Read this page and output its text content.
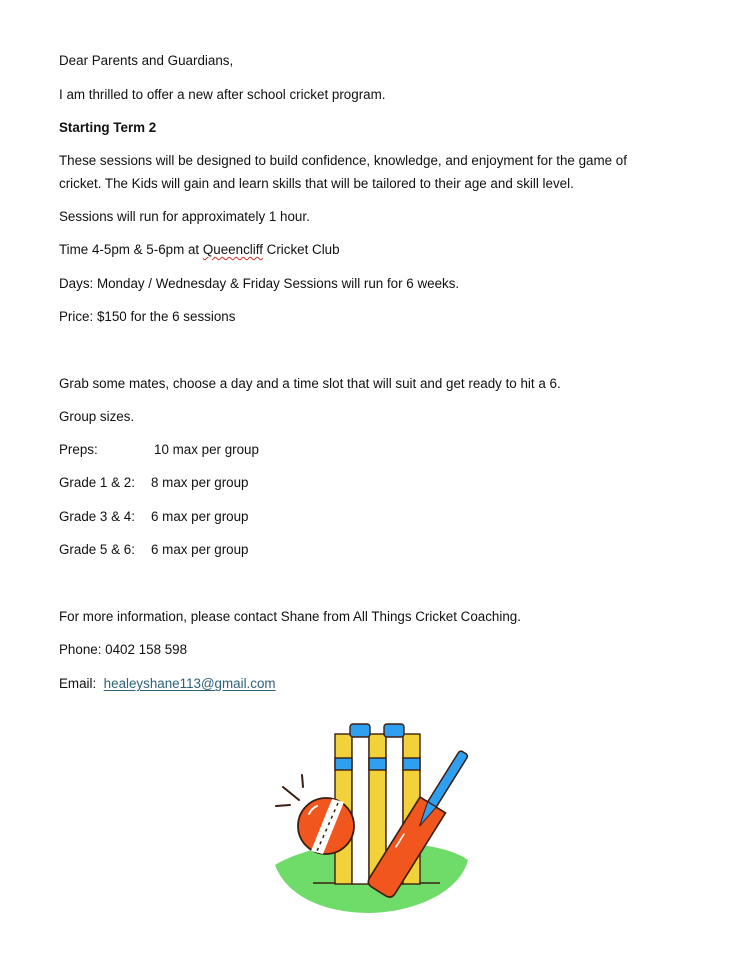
Dear Parents and Guardians,
I am thrilled to offer a new after school cricket program.
Starting Term 2
These sessions will be designed to build confidence, knowledge, and enjoyment for the game of
cricket. The Kids will gain and learn skills that will be tailored to their age and skill level.
Sessions will run for approximately 1 hour.
Time 4-5pm & 5-6pm at Queencliff Cricket Club
Days: Monday / Wednesday & Friday Sessions will run for 6 weeks.
Price: $150 for the 6 sessions
Grab some mates, choose a day and a time slot that will suit and get ready to hit a 6.
Group sizes.
Preps:	10 max per group
Grade 1 & 2: 8 max per group
Grade 3 & 4: 6 max per group
Grade 5 & 6: 6 max per group
For more information, please contact Shane from All Things Cricket Coaching.
Phone: 0402 158 598
Email: healeyshane113@gmail.com
